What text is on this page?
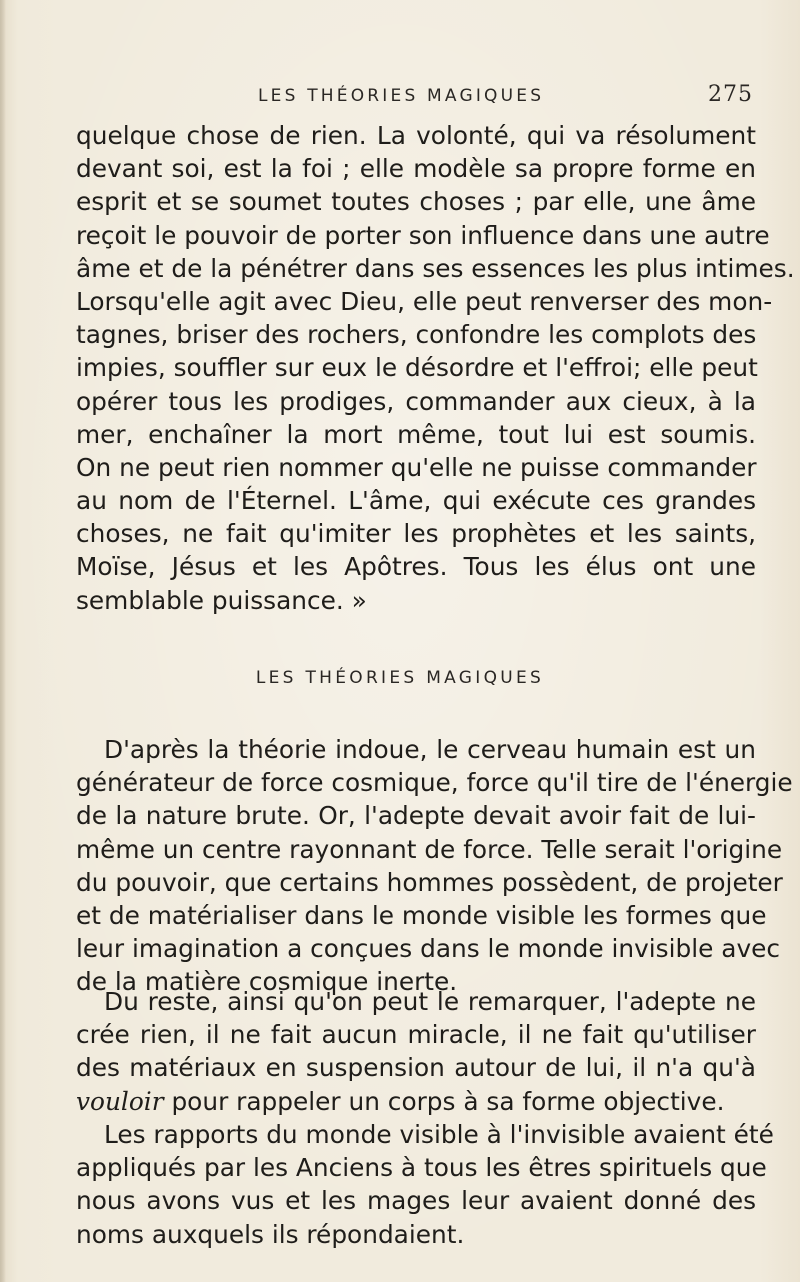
LES THÉORIES MAGIQUES	275
quelque chose de rien. La volonté, qui va résolument
devant soi, est la foi ; elle modèle sa propre forme en
esprit et se soumet toutes choses ; par elle, une âme
reçoit le pouvoir de porter son influence dans une autre
âme et de la pénétrer dans ses essences les plus intimes.
Lorsqu'elle agit avec Dieu, elle peut renverser des mon-
tagnes, briser des rochers, confondre les complots des
impies, souffler sur eux le désordre et l'effroi; elle peut
opérer tous les prodiges, commander aux cieux, à la
mer, enchaîner la mort même, tout lui est soumis.
On ne peut rien nommer qu'elle ne puisse commander
au nom de l'Éternel. L'âme, qui exécute ces grandes
choses, ne fait qu'imiter les prophètes et les saints,
Moïse, Jésus et les Apôtres. Tous les élus ont une
semblable puissance. »
LES THÉORIES MAGIQUES
D'après la théorie indoue, le cerveau humain est un
générateur de force cosmique, force qu'il tire de l'énergie
de la nature brute. Or, l'adepte devait avoir fait de lui-
même un centre rayonnant de force. Telle serait l'origine
du pouvoir, que certains hommes possèdent, de projeter
et de matérialiser dans le monde visible les formes que
leur imagination a conçues dans le monde invisible avec
de la matière cosmique inerte.
Du reste, ainsi qu'on peut le remarquer, l'adepte ne
crée rien, il ne fait aucun miracle, il ne fait qu'utiliser
des matériaux en suspension autour de lui, il n'a qu'à
vouloir pour rappeler un corps à sa forme objective.
Les rapports du monde visible à l'invisible avaient été
appliqués par les Anciens à tous les êtres spirituels que
nous avons vus et les mages leur avaient donné des
noms auxquels ils répondaient.
